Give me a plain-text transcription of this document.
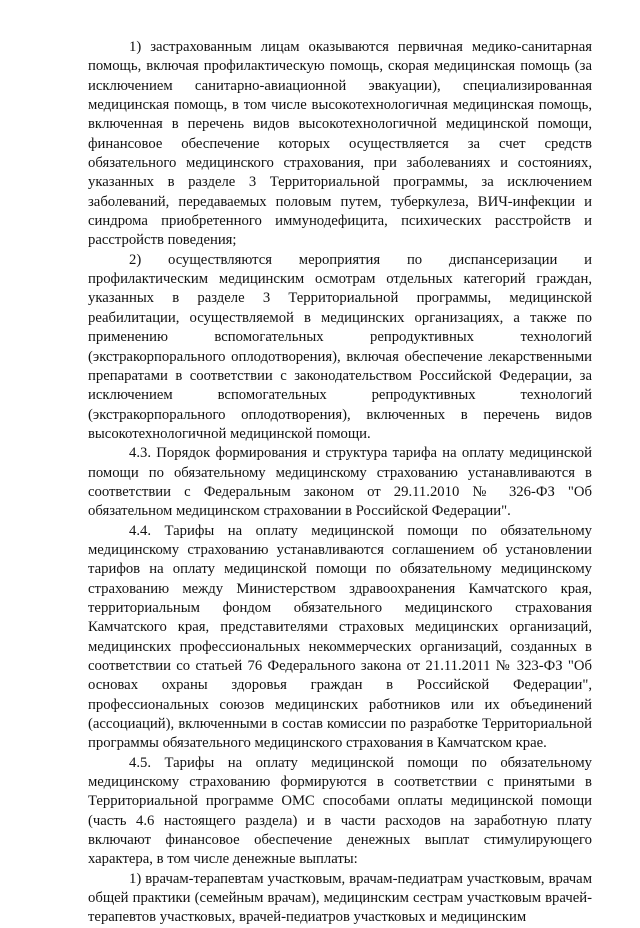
1) застрахованным лицам оказываются первичная медико-санитарная помощь, включая профилактическую помощь, скорая медицинская помощь (за исключением санитарно-авиационной эвакуации), специализированная медицинская помощь, в том числе высокотехнологичная медицинская помощь, включенная в перечень видов высокотехнологичной медицинской помощи, финансовое обеспечение которых осуществляется за счет средств обязательного медицинского страхования, при заболеваниях и состояниях, указанных в разделе 3 Территориальной программы, за исключением заболеваний, передаваемых половым путем, туберкулеза, ВИЧ-инфекции и синдрома приобретенного иммунодефицита, психических расстройств и расстройств поведения;

2) осуществляются мероприятия по диспансеризации и профилактическим медицинским осмотрам отдельных категорий граждан, указанных в разделе 3 Территориальной программы, медицинской реабилитации, осуществляемой в медицинских организациях, а также по применению вспомогательных репродуктивных технологий (экстракорпорального оплодотворения), включая обеспечение лекарственными препаратами в соответствии с законодательством Российской Федерации, за исключением вспомогательных репродуктивных технологий (экстракорпорального оплодотворения), включенных в перечень видов высокотехнологичной медицинской помощи.

4.3. Порядок формирования и структура тарифа на оплату медицинской помощи по обязательному медицинскому страхованию устанавливаются в соответствии с Федеральным законом от 29.11.2010 № 326-ФЗ "Об обязательном медицинском страховании в Российской Федерации".

4.4. Тарифы на оплату медицинской помощи по обязательному медицинскому страхованию устанавливаются соглашением об установлении тарифов на оплату медицинской помощи по обязательному медицинскому страхованию между Министерством здравоохранения Камчатского края, территориальным фондом обязательного медицинского страхования Камчатского края, представителями страховых медицинских организаций, медицинских профессиональных некоммерческих организаций, созданных в соответствии со статьей 76 Федерального закона от 21.11.2011 № 323-ФЗ "Об основах охраны здоровья граждан в Российской Федерации", профессиональных союзов медицинских работников или их объединений (ассоциаций), включенными в состав комиссии по разработке Территориальной программы обязательного медицинского страхования в Камчатском крае.

4.5. Тарифы на оплату медицинской помощи по обязательному медицинскому страхованию формируются в соответствии с принятыми в Территориальной программе ОМС способами оплаты медицинской помощи (часть 4.6 настоящего раздела) и в части расходов на заработную плату включают финансовое обеспечение денежных выплат стимулирующего характера, в том числе денежные выплаты:

1) врачам-терапевтам участковым, врачам-педиатрам участковым, врачам общей практики (семейным врачам), медицинским сестрам участковым врачей-терапевтов участковых, врачей-педиатров участковых и медицинским
